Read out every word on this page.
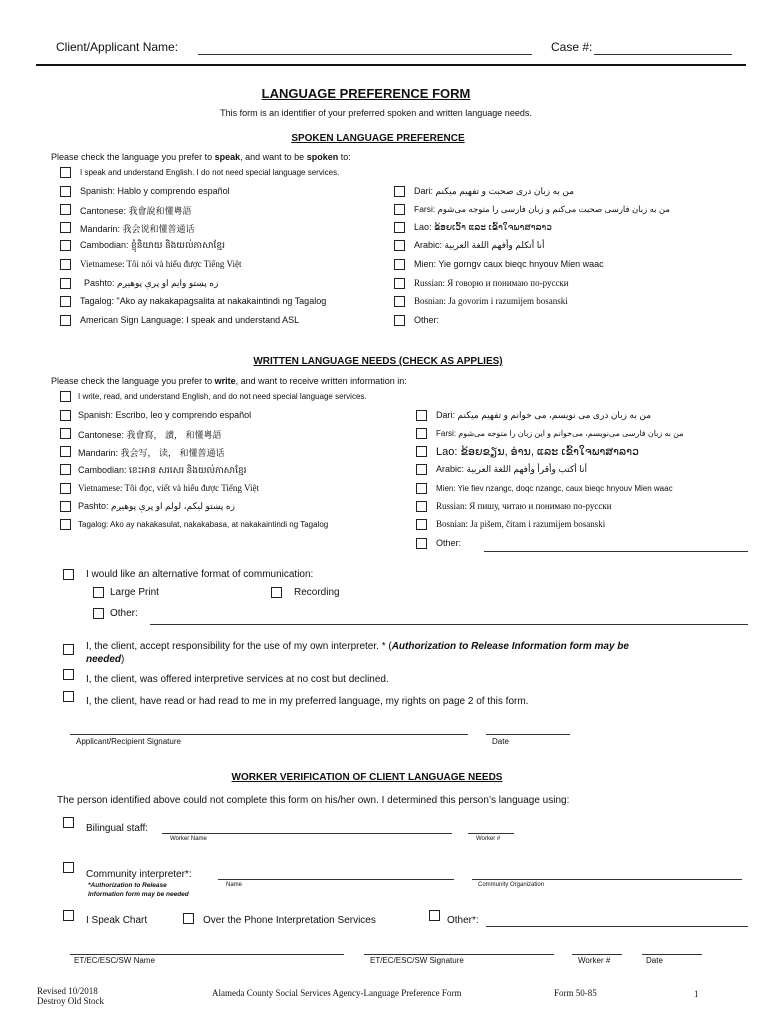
Client/Applicant Name:	Case #:
LANGUAGE PREFERENCE FORM
This form is an identifier of your preferred spoken and written language needs.
SPOKEN LANGUAGE PREFERENCE
Please check the language you prefer to speak, and want to be spoken to:
I speak and understand English. I do not need special language services.
Spanish: Hablo y comprendo español
Cantonese: 我會說和懂粵語
Mandarin: 我会说和懂普通话
Cambodian: ខ្ញុំនិយាយ និងយល់ភាសាខ្មែរ
Vietnamese: Tôi nói và hiểu được Tiếng Việt
Pashto: زه پښتو وایم او پرې پوهیږم
Tagalog: "Ako ay nakakapagsalita at nakakaintindi ng Tagalog
American Sign Language: I speak and understand ASL
Dari: من به زبان دری صحبت و تفهیم میکنم
Farsi: من به زبان فارسی صحبت می‌کنم و زبان فارسی را متوجه می‌شوم
Lao: ຂ້ອຍເວົ້າ ແລະ ເຂົ້າໃຈພາສາລາວ
Arabic: أنا أتكلم وأفهم اللغة العربية
Mien: Yie gorngv caux bieqc hnyouv Mien waac
Russian: Я говорю и понимаю по-русски
Bosnian: Ja govorim i razumijem bosanski
Other:
WRITTEN LANGUAGE NEEDS (CHECK AS APPLIES)
Please check the language you prefer to write, and want to receive written information in:
I write, read, and understand English, and do not need special language services.
Spanish: Escribo, leo y comprendo español
Cantonese: 我會寫， 讀， 和懂粵語
Mandarin: 我会写， 读， 和懂普通话
Cambodian: ខេះអាន សរសេរ និងយល់ភាសាខ្មែរ
Vietnamese: Tôi đọc, viết và hiểu được Tiếng Việt
Pashto: زه پښتو لیکم، لولم او پرې پوهیږم
Tagalog: Ako ay nakakasulat, nakakabasa, at nakakaintindi ng Tagalog
Dari: من به زبان دری می نویسم، می خوانم و تفهیم میکنم
Farsi: من به زبان فارسی می‌نویسم، می‌خوانم و این زبان را متوجه می‌شوم
Lao: ຂ້ອຍຂຽນ, ອ່ານ, ແລະ ເຂົ້າໃຈພາສາລາວ
Arabic: أنا أكتب وأقرأ وأفهم اللغة العربية
Mien: Yie fiev nzangc, doqc nzangc, caux bieqc hnyouv Mien waac
Russian: Я пишу, читаю и понимаю по-русски
Bosnian: Ja pišem, čitam i razumijem bosanski
Other:
I would like an alternative format of communication:
Large Print	Recording
Other:
I, the client, accept responsibility for the use of my own interpreter. * (Authorization to Release Information form may be
needed)
I, the client, was offered interpretive services at no cost but declined.
I, the client, have read or had read to me in my preferred language, my rights on page 2 of this form.
Applicant/Recipient Signature	Date
WORKER VERIFICATION OF CLIENT LANGUAGE NEEDS
The person identified above could not complete this form on his/her own. I determined this person’s language using:
Bilingual staff:
Worker Name	Worker #
Community interpreter*:
Name	Community Organization
*Authorization to Release
Information form may be needed
I Speak Chart	Over the Phone Interpretation Services	Other*:
ET/EC/ESC/SW Name	ET/EC/ESC/SW Signature	Worker #	Date
Revised 10/2018
Destroy Old Stock
Alameda County Social Services Agency-Language Preference Form	Form 50-85	1
